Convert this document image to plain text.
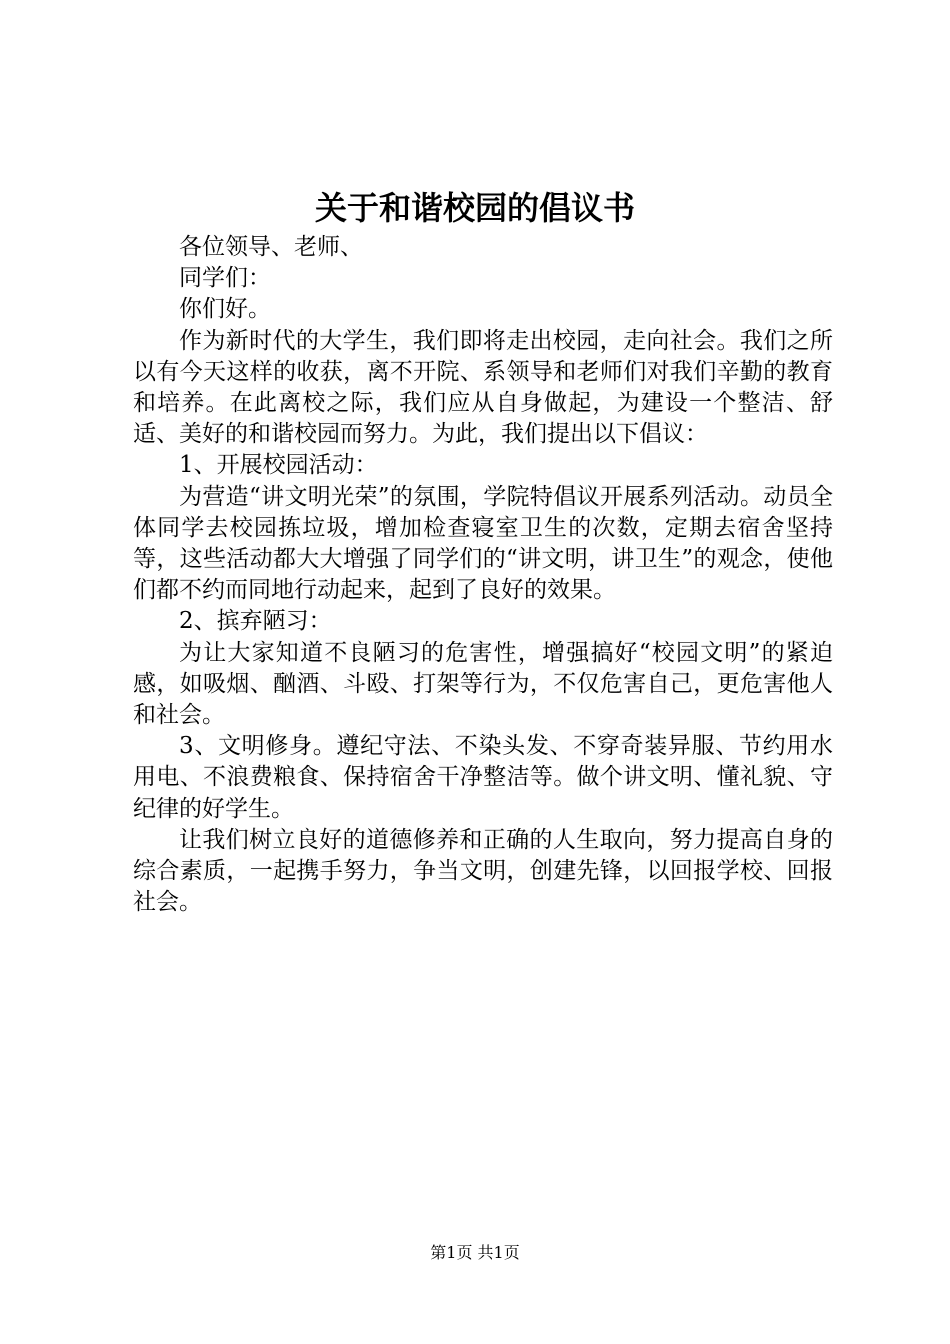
关于和谐校园的倡议书

各位领导、老师、

同学们：

你们好。

作为新时代的大学生，我们即将走出校园，走向社会。我们之所以有今天这样的收获，离不开院、系领导和老师们对我们辛勤的教育和培养。在此离校之际，我们应从自身做起，为建设一个整洁、舒适、美好的和谐校园而努力。为此，我们提出以下倡议：

1、开展校园活动：

为营造“讲文明光荣”的氛围，学院特倡议开展系列活动。动员全体同学去校园拣垃圾，增加检查寝室卫生的次数，定期去宿舍坚持等，这些活动都大大增强了同学们的“讲文明，讲卫生”的观念，使他们都不约而同地行动起来，起到了良好的效果。

2、摈弃陋习：

为让大家知道不良陋习的危害性，增强搞好“校园文明”的紧迫感，如吸烟、酗酒、斗殴、打架等行为，不仅危害自己，更危害他人和社会。

3、文明修身。遵纪守法、不染头发、不穿奇装异服、节约用水用电、不浪费粮食、保持宿舍干净整洁等。做个讲文明、懂礼貌、守纪律的好学生。

让我们树立良好的道德修养和正确的人生取向，努力提高自身的综合素质，一起携手努力，争当文明，创建先锋，以回报学校、回报社会。

第1页 共1页
